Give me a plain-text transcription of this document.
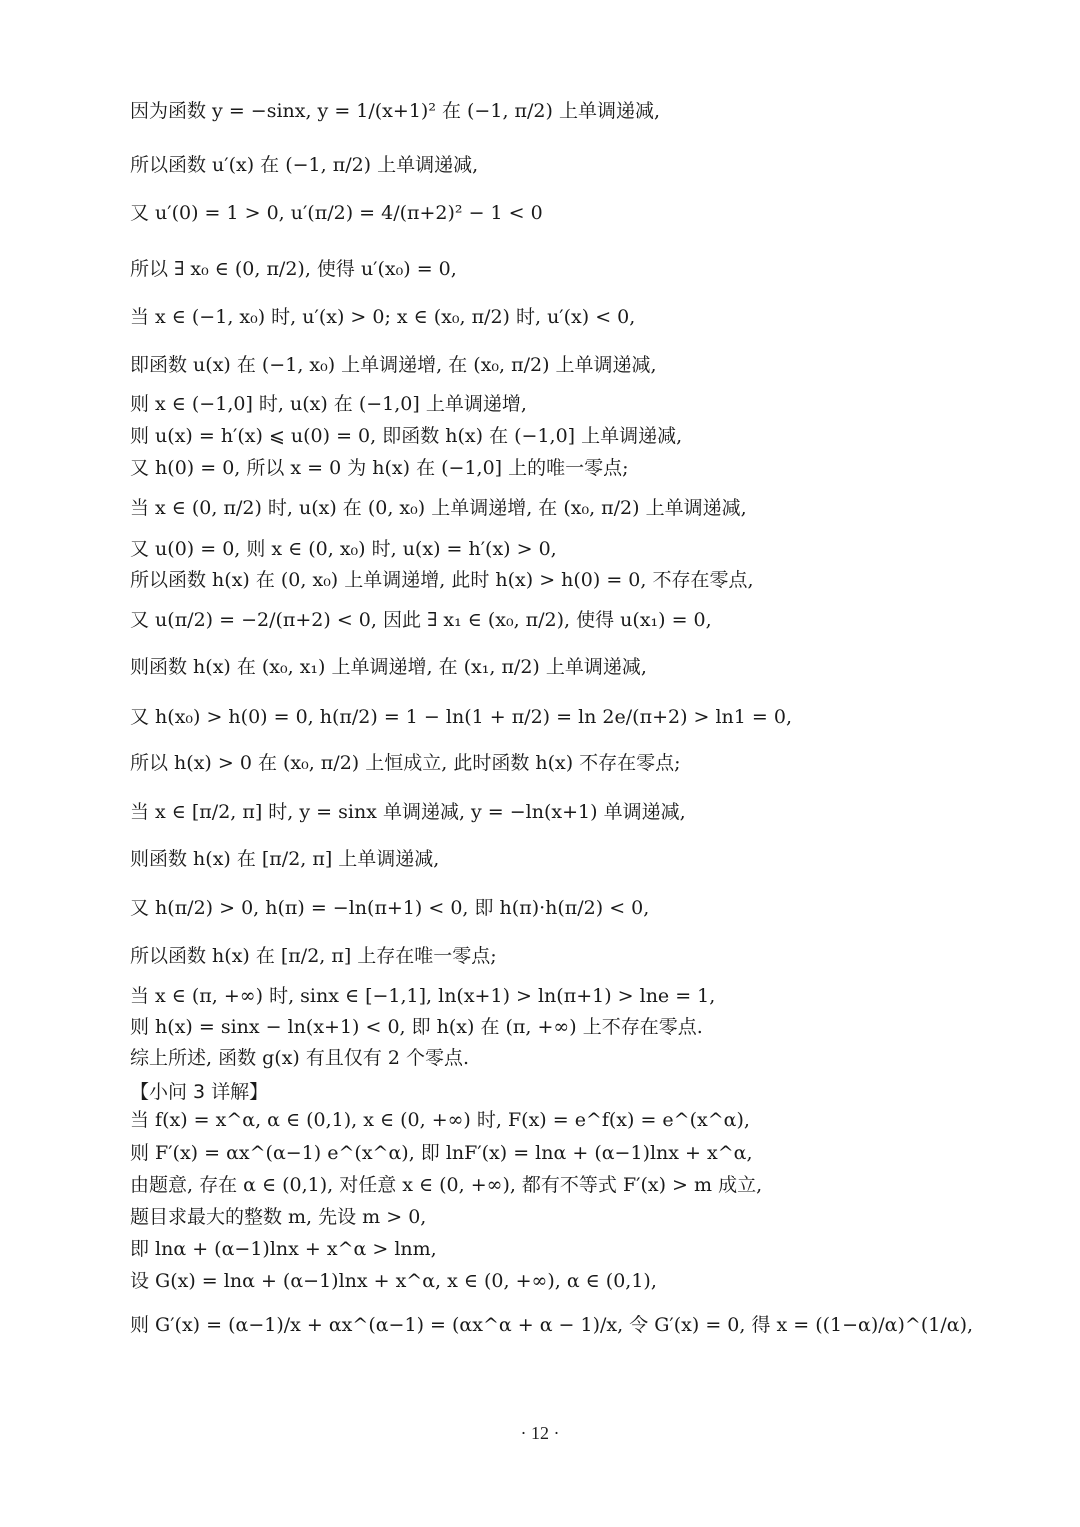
因为函数 y = −sinx, y = 1/(x+1)² 在 (−1, π/2) 上单调递减,
所以函数 u′(x) 在 (−1, π/2) 上单调递减,
又 u′(0) = 1 > 0, u′(π/2) = 4/(π+2)² − 1 < 0
所以 ∃ x₀ ∈ (0, π/2), 使得 u′(x₀) = 0,
当 x ∈ (−1, x₀) 时, u′(x) > 0; x ∈ (x₀, π/2) 时, u′(x) < 0,
即函数 u(x) 在 (−1, x₀) 上单调递增, 在 (x₀, π/2) 上单调递减,
则 x ∈ (−1,0] 时, u(x) 在 (−1,0] 上单调递增,
则 u(x) = h′(x) ⩽ u(0) = 0, 即函数 h(x) 在 (−1,0] 上单调递减,
又 h(0) = 0, 所以 x = 0 为 h(x) 在 (−1,0] 上的唯一零点;
当 x ∈ (0, π/2) 时, u(x) 在 (0, x₀) 上单调递增, 在 (x₀, π/2) 上单调递减,
又 u(0) = 0, 则 x ∈ (0, x₀) 时, u(x) = h′(x) > 0,
所以函数 h(x) 在 (0, x₀) 上单调递增, 此时 h(x) > h(0) = 0, 不存在零点,
又 u(π/2) = −2/(π+2) < 0, 因此 ∃ x₁ ∈ (x₀, π/2), 使得 u(x₁) = 0,
则函数 h(x) 在 (x₀, x₁) 上单调递增, 在 (x₁, π/2) 上单调递减,
又 h(x₀) > h(0) = 0, h(π/2) = 1 − ln(1 + π/2) = ln 2e/(π+2) > ln1 = 0,
所以 h(x) > 0 在 (x₀, π/2) 上恒成立, 此时函数 h(x) 不存在零点;
当 x ∈ [π/2, π] 时, y = sinx 单调递减, y = −ln(x+1) 单调递减,
则函数 h(x) 在 [π/2, π] 上单调递减,
又 h(π/2) > 0, h(π) = −ln(π+1) < 0, 即 h(π)·h(π/2) < 0,
所以函数 h(x) 在 [π/2, π] 上存在唯一零点;
当 x ∈ (π, +∞) 时, sinx ∈ [−1,1], ln(x+1) > ln(π+1) > lne = 1,
则 h(x) = sinx − ln(x+1) < 0, 即 h(x) 在 (π, +∞) 上不存在零点.
综上所述, 函数 g(x) 有且仅有 2 个零点.
【小问 3 详解】
当 f(x) = x^α, α ∈ (0,1), x ∈ (0, +∞) 时, F(x) = e^f(x) = e^(x^α),
则 F′(x) = αx^(α−1) e^(x^α), 即 lnF′(x) = lnα + (α−1)lnx + x^α,
由题意, 存在 α ∈ (0,1), 对任意 x ∈ (0, +∞), 都有不等式 F′(x) > m 成立,
题目求最大的整数 m, 先设 m > 0,
即 lnα + (α−1)lnx + x^α > lnm,
设 G(x) = lnα + (α−1)lnx + x^α, x ∈ (0, +∞), α ∈ (0,1),
则 G′(x) = (α−1)/x + αx^(α−1) = (αx^α + α − 1)/x, 令 G′(x) = 0, 得 x = ((1−α)/α)^(1/α),
· 12 ·
